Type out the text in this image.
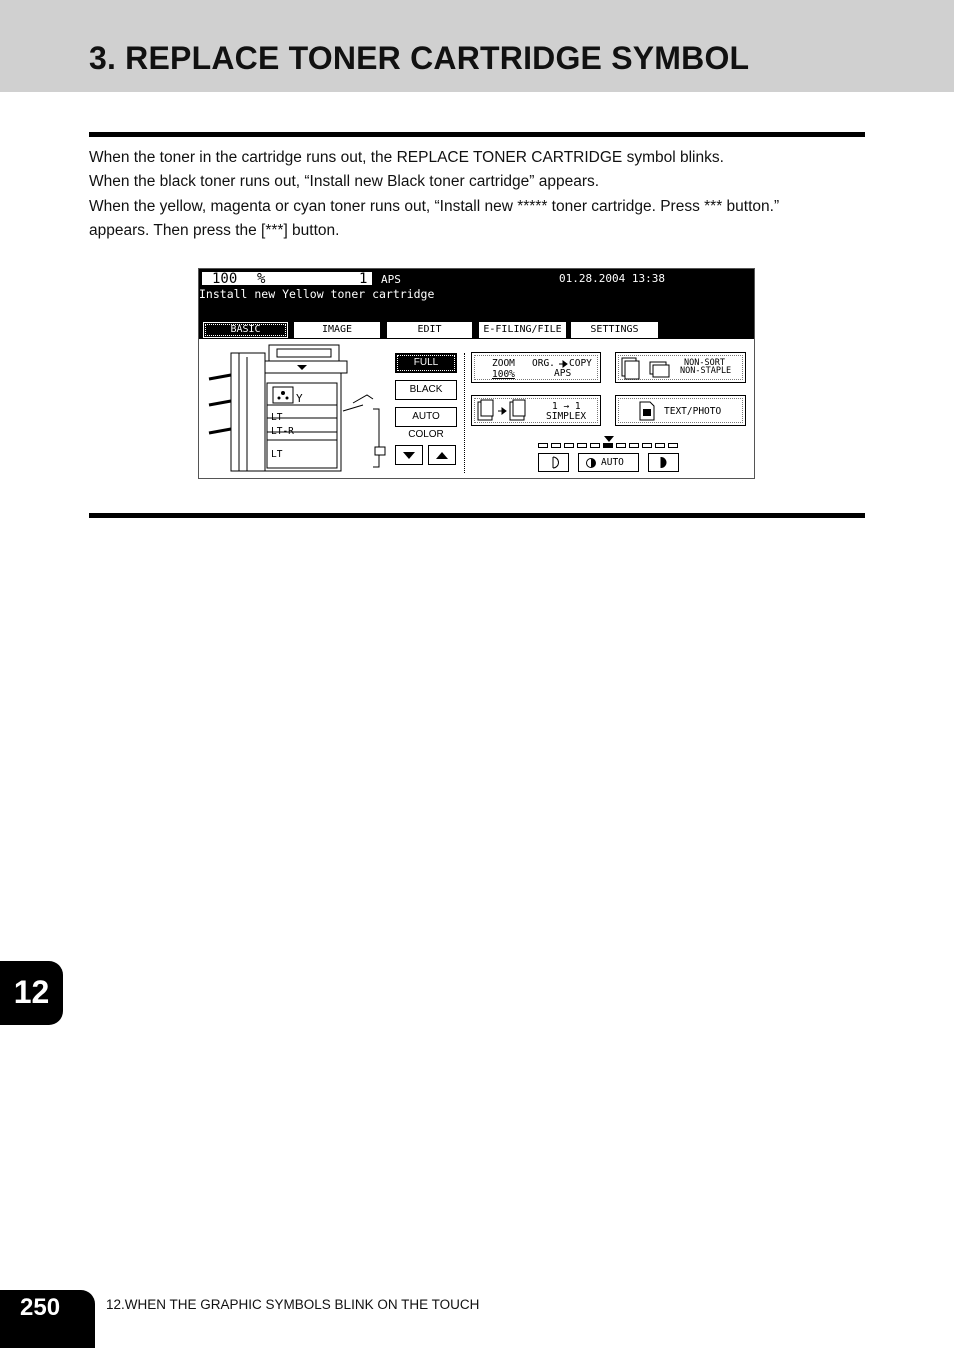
3. REPLACE TONER CARTRIDGE SYMBOL

When the toner in the cartridge runs out, the REPLACE TONER CARTRIDGE symbol blinks.

When the black toner runs out, “Install new Black toner cartridge” appears.

When the yellow, magenta or cyan toner runs out, “Install new ***** toner cartridge. Press *** button.”

appears. Then press the [***] button.

100 %	1 APS	01.28.2004 13:38
Install new Yellow toner cartridge
BASIC	IMAGE	EDIT	E-FILING/FILE	SETTINGS
Y
LT
LT-R
LT
FULL
BLACK
AUTO COLOR
ZOOM
100%
ORG. COPY
APS
NON-SORT
NON-STAPLE
1 → 1
SIMPLEX	TEXT/PHOTO
AUTO
12
250	12.WHEN THE GRAPHIC SYMBOLS BLINK ON THE TOUCH
